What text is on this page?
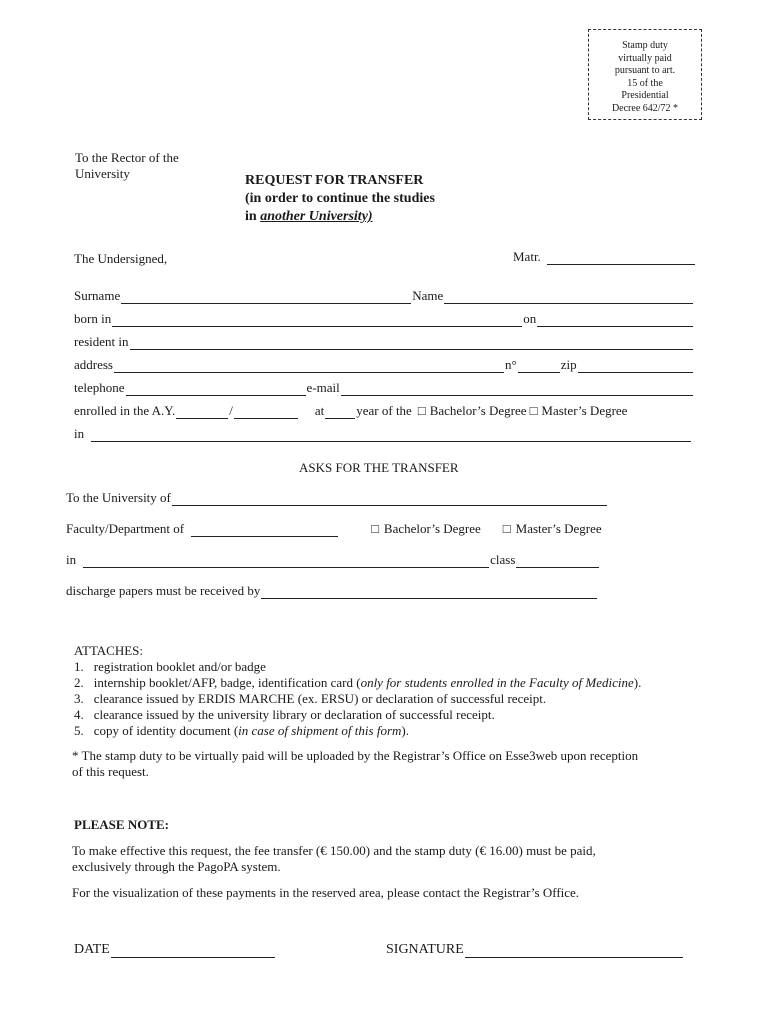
Stamp duty
virtually paid
pursuant to art.
15 of the
Presidential
Decree 642/72 *
To the Rector of the
University	REQUEST FOR TRANSFER
(in order to continue the studies
in another University)
The Undersigned,	Matr.
Surname	Name
born in	on
resident in
address	n°	zip
telephone	e-mail
enrolled in the A.Y.	/	at year of the □ Bachelor’s Degree □ Master’s Degree
in
ASKS FOR THE TRANSFER
To the University of
Faculty/Department of	□ Bachelor’s Degree □ Master’s Degree
in	class
discharge papers must be received by
ATTACHES:
1. registration booklet and/or badge
2. internship booklet/AFP, badge, identification card (only for students enrolled in the Faculty of Medicine).
3. clearance issued by ERDIS MARCHE (ex. ERSU) or declaration of successful receipt.
4. clearance issued by the university library or declaration of successful receipt.
5. copy of identity document (in case of shipment of this form).
* The stamp duty to be virtually paid will be uploaded by the Registrar’s Office on Esse3web upon reception
of this request.
PLEASE NOTE:
To make effective this request, the fee transfer (€ 150.00) and the stamp duty (€ 16.00) must be paid,
exclusively through the PagoPA system.
For the visualization of these payments in the reserved area, please contact the Registrar’s Office.
DATE	SIGNATURE
